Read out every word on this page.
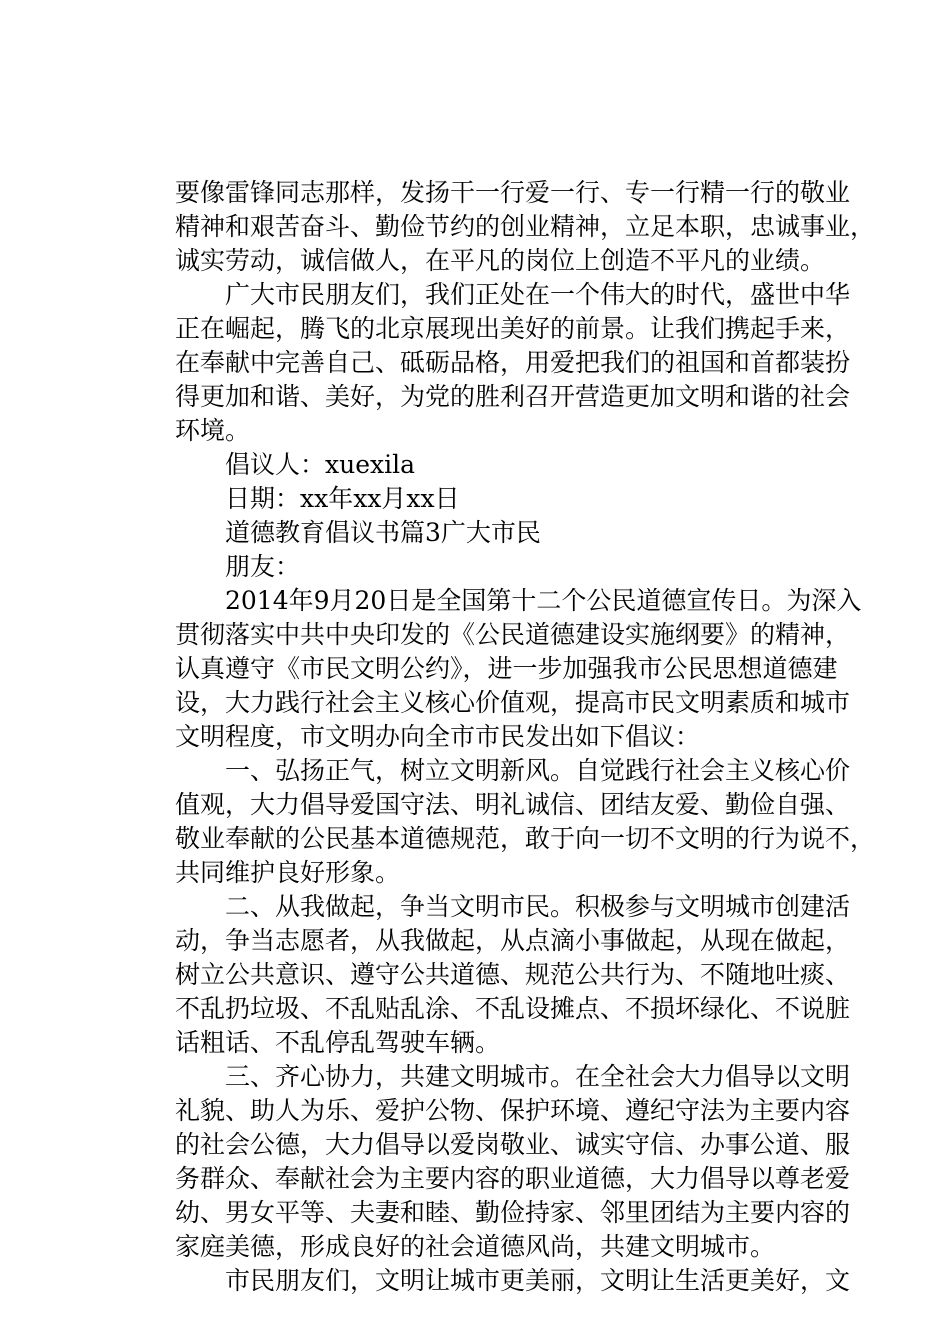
要像雷锋同志那样，发扬干一行爱一行、专一行精一行的敬业
精神和艰苦奋斗、勤俭节约的创业精神，立足本职，忠诚事业，
诚实劳动，诚信做人，在平凡的岗位上创造不平凡的业绩。
　　广大市民朋友们，我们正处在一个伟大的时代，盛世中华
正在崛起，腾飞的北京展现出美好的前景。让我们携起手来，
在奉献中完善自己、砥砺品格，用爱把我们的祖国和首都装扮
得更加和谐、美好，为党的胜利召开营造更加文明和谐的社会
环境。
　　倡议人：xuexila
　　日期：xx年xx月xx日
　　道德教育倡议书篇3广大市民
　　朋友：
　　2014年9月20日是全国第十二个公民道德宣传日。为深入
贯彻落实中共中央印发的《公民道德建设实施纲要》的精神，
认真遵守《市民文明公约》，进一步加强我市公民思想道德建
设，大力践行社会主义核心价值观，提高市民文明素质和城市
文明程度，市文明办向全市市民发出如下倡议：
　　一、弘扬正气，树立文明新风。自觉践行社会主义核心价
值观，大力倡导爱国守法、明礼诚信、团结友爱、勤俭自强、
敬业奉献的公民基本道德规范，敢于向一切不文明的行为说不，
共同维护良好形象。
　　二、从我做起，争当文明市民。积极参与文明城市创建活
动，争当志愿者，从我做起，从点滴小事做起，从现在做起，
树立公共意识、遵守公共道德、规范公共行为、不随地吐痰、
不乱扔垃圾、不乱贴乱涂、不乱设摊点、不损坏绿化、不说脏
话粗话、不乱停乱驾驶车辆。
　　三、齐心协力，共建文明城市。在全社会大力倡导以文明
礼貌、助人为乐、爱护公物、保护环境、遵纪守法为主要内容
的社会公德，大力倡导以爱岗敬业、诚实守信、办事公道、服
务群众、奉献社会为主要内容的职业道德，大力倡导以尊老爱
幼、男女平等、夫妻和睦、勤俭持家、邻里团结为主要内容的
家庭美德，形成良好的社会道德风尚，共建文明城市。
　　市民朋友们，文明让城市更美丽，文明让生活更美好，文
